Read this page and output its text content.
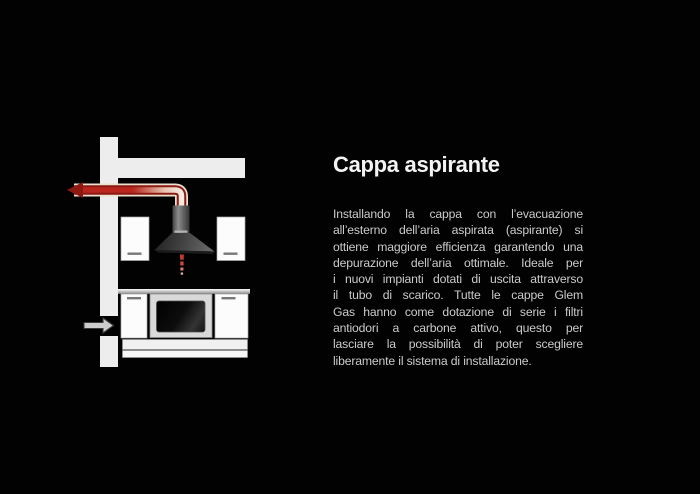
Cappa aspirante
Installando la cappa con l’evacuazione
all’esterno dell’aria aspirata (aspirante) si
ottiene maggiore efficienza garantendo una
depurazione dell’aria ottimale. Ideale per
i nuovi impianti dotati di uscita attraverso
il tubo di scarico. Tutte le cappe Glem
Gas hanno come dotazione di serie i filtri
antiodori a carbone attivo, questo per
lasciare la possibilità di poter scegliere
liberamente il sistema di installazione.
